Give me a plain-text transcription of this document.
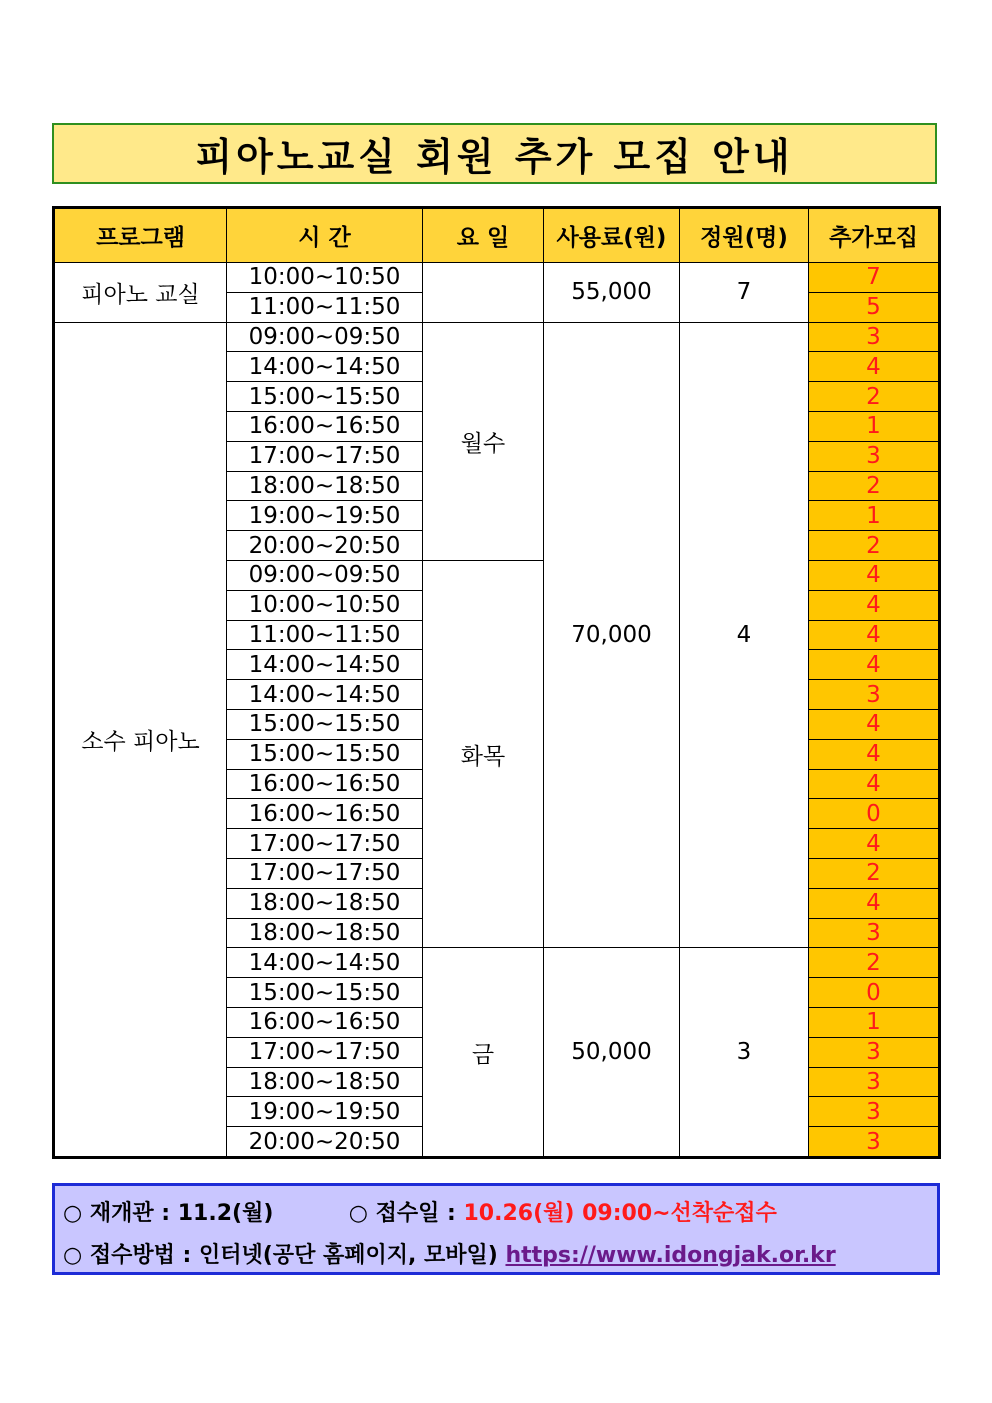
피아노교실 회원 추가 모집 안내
프로그램	시 간	요 일	사용료(원)	정원(명)	추가모집
피아노 교실	10:00~10:50		55,000	7	7
	11:00~11:50				5
소수 피아노	09:00~09:50	월수	70,000	4	3
	14:00~14:50				4
	15:00~15:50				2
	16:00~16:50				1
	17:00~17:50				3
	18:00~18:50				2
	19:00~19:50				1
	20:00~20:50				2
	09:00~09:50	화목			4
	10:00~10:50				4
	11:00~11:50				4
	14:00~14:50				4
	14:00~14:50				3
	15:00~15:50				4
	15:00~15:50				4
	16:00~16:50				4
	16:00~16:50				0
	17:00~17:50				4
	17:00~17:50				2
	18:00~18:50				4
	18:00~18:50				3
	14:00~14:50	금	50,000	3	2
	15:00~15:50				0
	16:00~16:50				1
	17:00~17:50				3
	18:00~18:50				3
	19:00~19:50				3
	20:00~20:50				3
○ 재개관 : 11.2(월)	○ 접수일 : 10.26(월) 09:00~선착순접수
○ 접수방법 : 인터넷(공단 홈페이지, 모바일) https://www.idongjak.or.kr
